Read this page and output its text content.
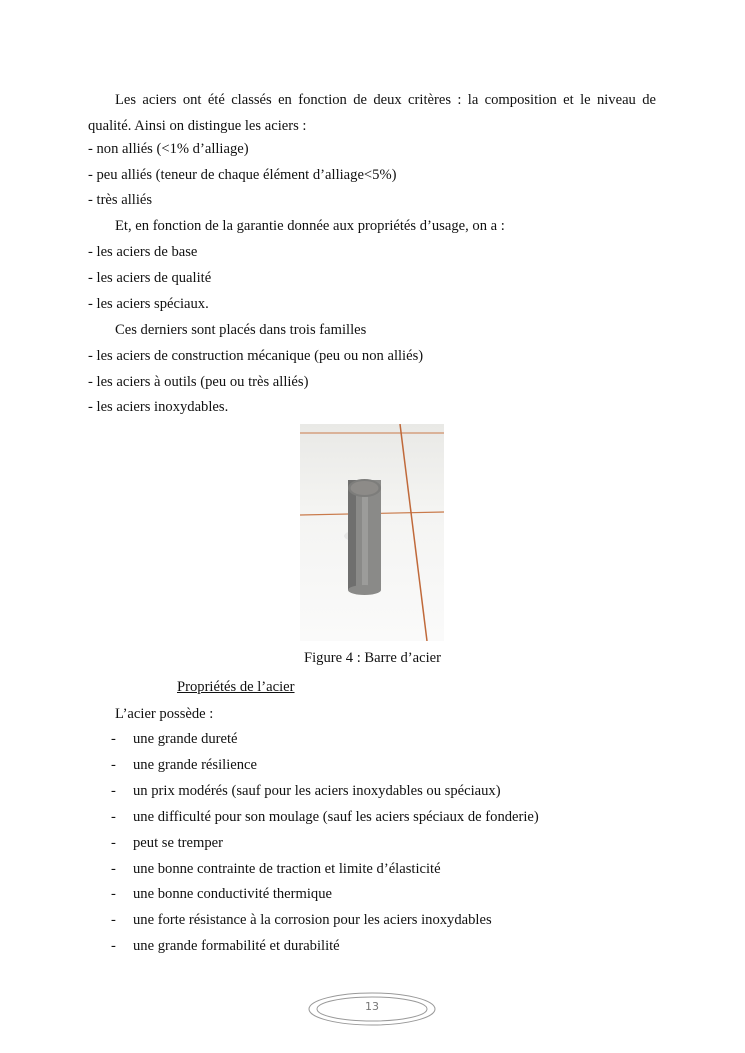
Les aciers ont été classés en fonction de deux critères : la composition et le niveau de qualité. Ainsi on distingue les aciers :

- non alliés (<1% d’alliage)
- peu alliés (teneur de chaque élément d’alliage<5%)
- très alliés
Et, en fonction de la garantie donnée aux propriétés d’usage, on a :
- les aciers de base
- les aciers de qualité
- les aciers spéciaux.
Ces derniers sont placés dans trois familles
- les aciers de construction mécanique (peu ou non alliés)
- les aciers à outils (peu ou très alliés)
- les aciers inoxydables.
Figure 4 : Barre d’acier
Propriétés de l’acier
L’acier possède :
- une grande dureté
- une grande résilience
- un prix modérés (sauf pour les aciers inoxydables ou spéciaux)
- une difficulté pour son moulage (sauf les aciers spéciaux de fonderie)
- peut se tremper
- une bonne contrainte de traction et limite d’élasticité
- une bonne conductivité thermique
- une forte résistance à la corrosion pour les aciers inoxydables
- une grande formabilité et durabilité
13
